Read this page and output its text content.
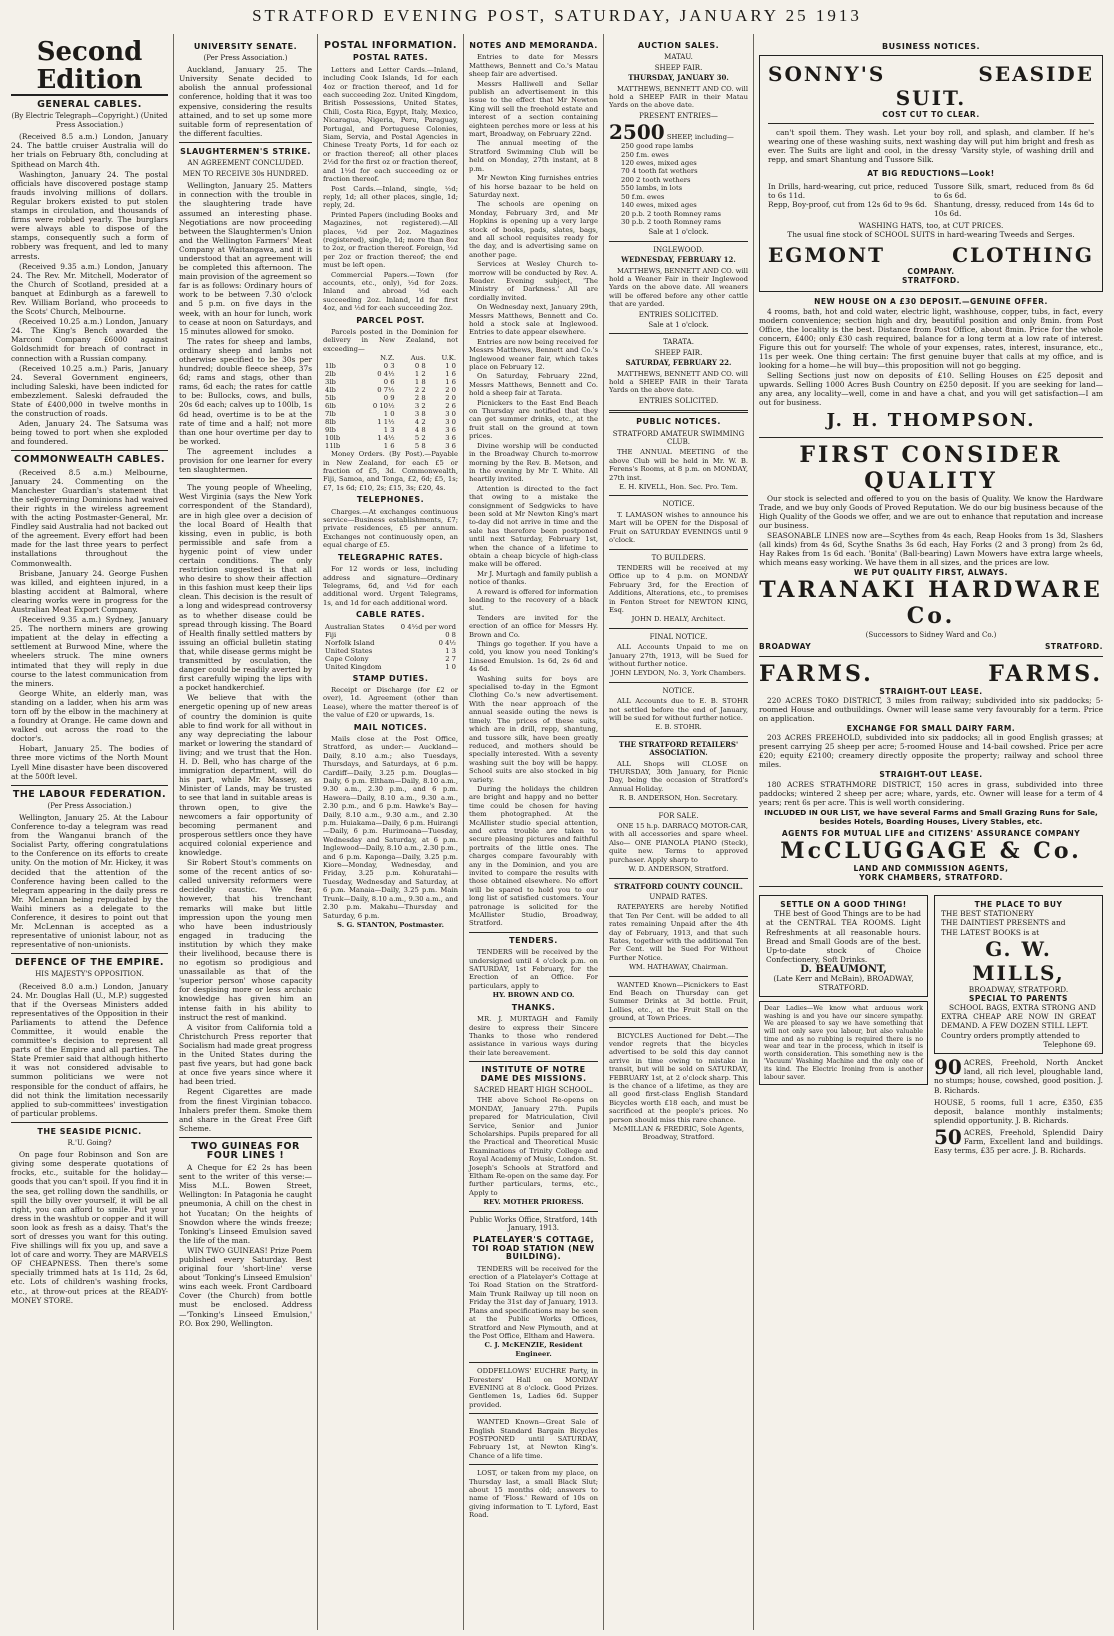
STRATFORD EVENING POST, SATURDAY, JANUARY 25 1913
Second Edition
GENERAL CABLES.
(By Electric Telegraph—Copyright.) (United Press Association.)

(Received 8.5 a.m.) London, January 24. The battle cruiser Australia will do her trials on February 8th, concluding at Spithead on March 4th.

Washington, January 24. The postal officials have discovered postage stamp frauds involving millions of dollars. Regular brokers existed to put stolen stamps in circulation, and thousands of firms were robbed yearly. The burglars were always able to dispose of the stamps, consequently such a form of robbery was frequent, and led to many arrests.

(Received 9.35 a.m.) London, January 24. The Rev. Mr. Mitchell, Moderator of the Church of Scotland, presided at a banquet at Edinburgh as a farewell to Rev. William Borland, who proceeds to the Scots' Church, Melbourne.

(Received 10.25 a.m.) London, January 24. The King's Bench awarded the Marconi Company £6000 against Goldschmidt for breach of contract in connection with a Russian company.

(Received 10.25 a.m.) Paris, January 24. Several Government engineers, including Saleski, have been indicted for embezzlement. Saleski defrauded the State of £400,000 in twelve months in the construction of roads.

Aden, January 24. The Satsuma was being towed to port when she exploded and foundered.

COMMONWEALTH CABLES.

(Received 8.5 a.m.) Melbourne, January 24. Commenting on the Manchester Guardian's statement that the self-governing Dominions had waived their rights in the wireless agreement with the acting Postmaster-General, Mr. Findley said Australia had not backed out of the agreement. Every effort had been made for the last three years to perfect installations throughout the Commonwealth.

Brisbane, January 24. George Fushen was killed, and eighteen injured, in a blasting accident at Balmoral, where clearing works were in progress for the Australian Meat Export Company.

(Received 9.35 a.m.) Sydney, January 25. The northern miners are growing impatient at the delay in effecting a settlement at Burwood Mine, where the wheelers struck. The mine owners intimated that they will reply in due course to the latest communication from the miners.

George White, an elderly man, was standing on a ladder, when his arm was torn off by the elbow in the machinery at a foundry at Orange. He came down and walked out across the road to the doctor's.

Hobart, January 25. The bodies of three more victims of the North Mount Lyell Mine disaster have been discovered at the 500ft level.

THE LABOUR FEDERATION.
(Per Press Association.)

Wellington, January 25. At the Labour Conference to-day a telegram was read from the Wanganui branch of the Socialist Party, offering congratulations to the Conference on its efforts to create unity. On the motion of Mr. Hickey, it was decided that the attention of the Conference having been called to the telegram appearing in the daily press re Mr. McLennan being repudiated by the Waihi miners as a delegate to the Conference, it desires to point out that Mr. McLennan is accepted as a representative of unionist labour, not as representative of non-unionists.

DEFENCE OF THE EMPIRE.
HIS MAJESTY'S OPPOSITION.

(Received 8.0 a.m.) London, January 24. Mr. Douglas Hall (U., M.P.) suggested that if the Overseas Ministers added representatives of the Opposition in their Parliaments to attend the Defence Committee, it would enable the committee's decision to represent all parts of the Empire and all parties. The State Premier said that although hitherto it was not considered advisable to summon politicians we were not responsible for the conduct of affairs, he did not think the limitation necessarily applied to sub-committees' investigation of particular problems.

THE SEASIDE PICNIC.
R.'U. Going?

On page four Robinson and Son are giving some desperate quotations of frocks, etc., suitable for the holiday—goods that you can't spoil. If you find it in the sea, get rolling down the sandhills, or spill the billy over yourself, it will be all right, you can afford to smile. Put your dress in the washtub or copper and it will soon look as fresh as a daisy. That's the sort of dresses you want for this outing. Five shillings will fix you up, and save a lot of care and worry. They are MARVELS OF CHEAPNESS. Then there's some specially trimmed hats at 1s 11d, 2s 6d, etc. Lots of children's washing frocks, etc., at throw-out prices at the READY-MONEY STORE.

UNIVERSITY SENATE.
(Per Press Association.)

Auckland, January 25. The University Senate decided to abolish the annual professional conference, holding that it was too expensive, considering the results attained, and to set up some more suitable form of representation of the different faculties.

SLAUGHTERMEN'S STRIKE.
AN AGREEMENT CONCLUDED.
MEN TO RECEIVE 30s HUNDRED.

Wellington, January 25. Matters in connection with the trouble in the slaughtering trade have assumed an interesting phase. Negotiations are now proceeding between the Slaughtermen's Union and the Wellington Farmers' Meat Company at Waitangawa, and it is understood that an agreement will be completed this afternoon. The main provision of the agreement so far is as follows: Ordinary hours of work to be between 7.30 o'clock and 5 p.m. on five days in the week, with an hour for lunch, work to cease at noon on Saturdays, and 15 minutes allowed for smoko.

The rates for sheep and lambs, ordinary sheep and lambs not otherwise specified to be 30s per hundred; double fleece sheep, 37s 6d; rams and stags, other than rams, 6d each; the rates for cattle to be: Bullocks, cows, and bulls, 20s 6d each; calves up to 100lb, 1s 6d head, overtime is to be at the rate of time and a half; not more than one hour overtime per day to be worked.

The agreement includes a provision for one learner for every ten slaughtermen.

The young people of Wheeling, West Virginia (says the New York correspondent of the Standard), are in high glee over a decision of the local Board of Health that kissing, even in public, is both permissible and safe from a hygenic point of view under certain conditions. The only restriction suggested is that all who desire to show their affection in this fashion must keep their lips clean. This decision is the result of a long and widespread controversy as to whether disease could be spread through kissing. The Board of Health finally settled matters by issuing an official bulletin stating that, while disease germs might be transmitted by osculation, the danger could be readily averted by first carefully wiping the lips with a pocket handkerchief.

We believe that with the energetic opening up of new areas of country the dominion is quite able to find work for all without in any way depreciating the labour market or lowering the standard of living; and we trust that the Hon. H. D. Bell, who has charge of the immigration department, will do his part, while Mr. Massey, as Minister of Lands, may be trusted to see that land in suitable areas is thrown open, to give the newcomers a fair opportunity of becoming permanent and prosperous settlers once they have acquired colonial experience and knowledge.

Sir Robert Stout's comments on some of the recent antics of so-called university reformers were decidedly caustic. We fear, however, that his trenchant remarks will make but little impression upon the young men who have been industriously engaged in traducing the institution by which they make their livelihood, because there is no egotism so prodigious and unassailable as that of the 'superior person' whose capacity for despising more or less archaic knowledge has given him an intense faith in his ability to instruct the rest of mankind.

A visitor from California told a Christchurch Press reporter that Socialism had made great progress in the United States during the past five years, but had gone back at once five years since where it had been tried.

Regent Cigarettes are made from the finest Virginian tobacco. Inhalers prefer them. Smoke them and share in the Great Free Gift Scheme.

TWO GUINEAS FOR FOUR LINES !

A Cheque for £2 2s has been sent to the writer of this verse:— Miss M.L. Bowen Street, Wellington: In Patagonia he caught pneumonia, A chill on the chest in hot Yucatan; On the heights of Snowdon where the winds freeze; Tonking's Linseed Emulsion saved the life of the man.

WIN TWO GUINEAS! Prize Poem published every Saturday. Best original four 'short-line' verse about 'Tonking's Linseed Emulsion' wins each week. Front Cardboard Cover (the Church) from bottle must be enclosed. Address—'Tonking's Linseed Emulsion,' P.O. Box 290, Wellington.

POSTAL INFORMATION.
POSTAL RATES.

Letters and Letter Cards.—Inland, including Cook Islands, 1d for each 4oz or fraction thereof, and 1d for each succeeding 2oz. United Kingdom, British Possessions, United States, Chili, Costa Rica, Egypt, Italy, Mexico, Nicaragua, Nigeria, Peru, Paraguay, Portugal, and Portuguese Colonies, Siam, Servia, and Postal Agencies in Chinese Treaty Ports, 1d for each oz or fraction thereof; all other places 2½d for the first oz or fraction thereof, and 1½d for each succeeding oz or fraction thereof.

Post Cards.—Inland, single, ½d; reply, 1d; all other places, single, 1d; reply, 2d.

Printed Papers (including Books and Magazines, not registered).—All places, ½d per 2oz. Magazines (registered), single, 1d; more than 8oz to 2oz, or fraction thereof. Foreign, ½d per 2oz or fraction thereof; the end must be left open.

Commercial Papers.—Town (for accounts, etc., only), ½d for 2ozs. Inland and abroad ½d each succeeding 2oz. Inland, 1d for first 4oz, and ½d for each succeeding 2oz.

PARCEL POST.

Parcels posted in the Dominion for delivery in New Zealand, not exceeding—

	N.Z.	Aus.	U.K.
1lb	0 3	0 8	1 0
2lb	0 4½	1 2	1 6
3lb	0 6	1 8	1 6
4lb	0 7½	2 2	2 0
5lb	0 9	2 8	2 0
6lb	0 10½	3 2	2 6
7lb	1 0	3 8	3 0
8lb	1 1½	4 2	3 0
9lb	1 3	4 8	3 6
10lb	1 4½	5 2	3 6
11lb	1 6	5 8	3 6

Money Orders. (By Post).—Payable in New Zealand, for each £5 or fraction of £5, 3d. Commonwealth, Fiji, Samoa, and Tonga, £2, 6d; £5, 1s; £7, 1s 6d; £10, 2s; £15, 3s; £20, 4s.

TELEPHONES.

Charges.—At exchanges continuous service—Business establishments, £7; private residences, £5 per annum. Exchanges not continuously open, an equal charge of £5.

TELEGRAPHIC RATES.

For 12 words or less, including address and signature—Ordinary Telegrams, 6d, and ½d for each additional word. Urgent Telegrams, 1s, and 1d for each additional word.

CABLE RATES.
Australian States	0 4½d per word
Fiji	0 8
Norfolk Island	0 4½
United States	1 3
Cape Colony	2 7
United Kingdom	1 0
STAMP DUTIES.

Receipt or Discharge (for £2 or over), 1d. Agreement (other than Lease), where the matter thereof is of the value of £20 or upwards, 1s.

MAIL NOTICES.

Mails close at the Post Office, Stratford, as under:— Auckland—Daily, 8.10 a.m.; also Tuesdays, Thursdays, and Saturdays, at 6 p.m. Cardiff—Daily, 3.25 p.m. Douglas—Daily, 6 p.m. Eltham—Daily, 8.10 a.m., 9.30 a.m., 2.30 p.m., and 6 p.m. Hawera—Daily, 8.10 a.m., 9.30 a.m., 2.30 p.m., and 6 p.m. Hawke's Bay—Daily, 8.10 a.m., 9.30 a.m., and 2.30 p.m. Huiakama—Daily, 6 p.m. Huirangi—Daily, 6 p.m. Hurimoana—Tuesday, Wednesday and Saturday, at 6 p.m. Inglewood—Daily, 8.10 a.m., 2.30 p.m., and 6 p.m. Kaponga—Daily, 3.25 p.m. Kiore—Monday, Wednesday, and Friday, 3.25 p.m. Kohuratahi—Tuesday, Wednesday and Saturday, at 6 p.m. Manaia—Daily, 3.25 p.m. Main Trunk—Daily, 8.10 a.m., 9.30 a.m., and 2.30 p.m. Makahu—Thursday and Saturday, 6 p.m.

S. G. STANTON, Postmaster.
NOTES AND MEMORANDA.

Entries to date for Messrs Matthews, Bennett and Co.'s Matau sheep fair are advertised.

Messrs Halliwell and Sellar publish an advertisement in this issue to the effect that Mr Newton King will sell the freehold estate and interest of a section containing eighteen perches more or less at his mart, Broadway, on February 22nd.

The annual meeting of the Stratford Swimming Club will be held on Monday, 27th instant, at 8 p.m.

Mr Newton King furnishes entries of his horse bazaar to be held on Saturday next.

The schools are opening on Monday, February 3rd, and Mr Hopkins is opening up a very large stock of books, pads, slates, bags, and all school requisites ready for the day, and is advertising same on another page.

Services at Wesley Church to-morrow will be conducted by Rev. A. Reader. Evening subject, 'The Ministry of Darkness.' All are cordially invited.

On Wednesday next, January 29th, Messrs Matthews, Bennett and Co. hold a stock sale at Inglewood. Entries to date appear elsewhere.

Entries are now being received for Messrs Matthews, Bennett and Co.'s Inglewood weaner fair, which takes place on February 12.

On Saturday, February 22nd, Messrs Matthews, Bennett and Co. hold a sheep fair at Tarata.

Picnickers to the East End Beach on Thursday are notified that they can get summer drinks, etc., at the fruit stall on the ground at town prices.

Divine worship will be conducted in the Broadway Church to-morrow morning by the Rev. B. Metson, and in the evening by Mr T. White. All heartily invited.

Attention is directed to the fact that owing to a mistake the consignment of Sedgwicks to have been sold at Mr Newton King's mart to-day did not arrive in time and the sale has therefore been postponed until next Saturday, February 1st, when the chance of a lifetime to obtain a cheap bicycle of high-class make will be offered.

Mr J. Murtagh and family publish a notice of thanks.

A reward is offered for information leading to the recovery of a black slut.

Tenders are invited for the erection of an office for Messrs Hy. Brown and Co.

Things go together. If you have a cold, you know you need Tonking's Linseed Emulsion. 1s 6d, 2s 6d and 4s 6d.

Washing suits for boys are specialised to-day in the Egmont Clothing Co.'s new advertisement. With the near approach of the annual seaside outing the news is timely. The prices of these suits, which are in drill, repp, shantung, and tussore silk, have been greatly reduced, and mothers should be specially interested. With a seventy washing suit the boy will be happy. School suits are also stocked in big variety.

During the holidays the children are bright and happy and no better time could be chosen for having them photographed. At the McAllister studio special attention, and extra trouble are taken to secure pleasing pictures and faithful portraits of the little ones. The charges compare favourably with any in the Dominion, and you are invited to compare the results with those obtained elsewhere. No effort will be spared to hold you to our long list of satisfied customers. Your patronage is solicited for the McAllister Studio, Broadway, Stratford.

TENDERS.

TENDERS will be received by the undersigned until 4 o'clock p.m. on SATURDAY, 1st February, for the Erection of an Office. For particulars, apply to

HY. BROWN AND CO.
THANKS.

MR. J. MURTAGH and Family desire to express their Sincere Thanks to those who rendered assistance in various ways during their late bereavement.

INSTITUTE OF NOTRE DAME DES MISSIONS.
SACRED HEART HIGH SCHOOL.

THE above School Re-opens on MONDAY, January 27th. Pupils prepared for Matriculation, Civil Service, Senior and Junior Scholarships. Pupils prepared for all the Practical and Theoretical Music Examinations of Trinity College and Royal Academy of Music, London. St. Joseph's Schools at Stratford and Eltham Re-open on the same day. For further particulars, terms, etc., Apply to

REV. MOTHER PRIORESS.
Public Works Office, Stratford, 14th January, 1913.
PLATELAYER'S COTTAGE, TOI ROAD STATION (NEW BUILDING).

TENDERS will be received for the erection of a Platelayer's Cottage at Toi Road Station on the Stratford-Main Trunk Railway up till noon on Friday the 31st day of January, 1913. Plans and specifications may be seen at the Public Works Offices, Stratford and New Plymouth, and at the Post Office, Eltham and Hawera.

C. J. McKENZIE, Resident Engineer.

ODDFELLOWS' EUCHRE Party, in Foresters' Hall on MONDAY EVENING at 8 o'clock. Good Prizes. Gentlemen 1s, Ladies 6d. Supper provided.

WANTED Known—Great Sale of English Standard Bargain Bicycles POSTPONED until SATURDAY, February 1st, at Newton King's. Chance of a life time.

LOST, or taken from my place, on Thursday last, a small Black Slut; about 15 months old; answers to name of 'Floss.' Reward of 10s on giving information to T. Lyford, East Road.

AUCTION SALES.
MATAU.
SHEEP FAIR.
THURSDAY, JANUARY 30.

MATTHEWS, BENNETT AND CO. will hold a SHEEP FAIR in their Matau Yards on the above date.

PRESENT ENTRIES—
2500 SHEEP, including—
250 good rape lambs
250 f.m. ewes
120 ewes, mixed ages
70 4 tooth fat wethers
200 2 tooth wethers
550 lambs, in lots
50 f.m. ewes
140 ewes, mixed ages
20 p.b. 2 tooth Romney rams
30 p.b. 2 tooth Romney rams
Sale at 1 o'clock.
INGLEWOOD.
WEDNESDAY, FEBRUARY 12.

MATTHEWS, BENNETT AND CO. will hold a Weaner Fair in their Inglewood Yards on the above date. All weaners will be offered before any other cattle that are yarded.

ENTRIES SOLICITED.
Sale at 1 o'clock.
TARATA.
SHEEP FAIR.
SATURDAY, FEBRUARY 22.

MATTHEWS, BENNETT AND CO. will hold a SHEEP FAIR in their Tarata Yards on the above date.

ENTRIES SOLICITED.
PUBLIC NOTICES.
STRATFORD AMATEUR SWIMMING CLUB.

THE ANNUAL MEETING of the above Club will be held in Mr. W. B. Ferens's Rooms, at 8 p.m. on MONDAY, 27th inst.

E. H. KIVELL, Hon. Sec. Pro. Tem.
NOTICE.

T. LAMASON wishes to announce his Mart will be OPEN for the Disposal of Fruit on SATURDAY EVENINGS until 9 o'clock.

TO BUILDERS.

TENDERS will be received at my Office up to 4 p.m. on MONDAY February 3rd, for the Erection of Additions, Alterations, etc., to premises in Fenton Street for NEWTON KING, Esq.

JOHN D. HEALY, Architect.
FINAL NOTICE.

ALL Accounts Unpaid to me on January 27th, 1913, will be Sued for without further notice.

JOHN LEYDON, No. 3, York Chambers.
NOTICE.

ALL Accounts due to E. B. STOHR not settled before the end of January, will be sued for without further notice.

E. B. STOHR.
THE STRATFORD RETAILERS' ASSOCIATION.

ALL Shops will CLOSE on THURSDAY, 30th January, for Picnic Day, being the occasion of Stratford's Annual Holiday.

R. B. ANDERSON, Hon. Secretary.
FOR SALE.

ONE 15 h.p. DARRACQ MOTOR-CAR, with all accessories and spare wheel. Also— ONE PIANOLA PIANO (Steck), quite new. Terms to approved purchaser. Apply sharp to

W. D. ANDERSON, Stratford.
STRATFORD COUNTY COUNCIL.
UNPAID RATES.

RATEPAYERS are hereby Notified that Ten Per Cent. will be added to all rates remaining Unpaid after the 4th day of February, 1913, and that such Rates, together with the additional Ten Per Cent. will be Sued For Without Further Notice.

WM. HATHAWAY, Chairman.

WANTED Known—Picnickers to East End Beach on Thursday can get Summer Drinks at 3d bottle. Fruit, Lollies, etc., at the Fruit Stall on the ground, at Town Prices.

BICYCLES Auctioned for Debt.—The vendor regrets that the bicycles advertised to be sold this day cannot arrive in time owing to mistake in transit, but will be sold on SATURDAY, FEBRUARY 1st, at 2 o'clock sharp. This is the chance of a lifetime, as they are all good first-class English Standard Bicycles worth £18 each, and must be sacrificed at the people's prices. No person should miss this rare chance.

McMILLAN & FREDRIC, Sole Agents, Broadway, Stratford.
BUSINESS NOTICES.
SONNY'S	SEASIDE
SUIT.
COST CUT TO CLEAR.

can't spoil them. They wash. Let your boy roll, and splash, and clamber. If he's wearing one of these washing suits, next washing day will put him bright and fresh as ever. The Suits are light and cool, in the dressy 'Varsity style, of washing drill and repp, and smart Shantung and Tussore Silk.

AT BIG REDUCTIONS—Look!
In Drills, hard-wearing, cut price, reduced to 6s 11d.
Repp, Boy-proof, cut from 12s 6d to 9s 6d.
Tussore Silk, smart, reduced from 8s 6d to 6s 6d.
Shantung, dressy, reduced from 14s 6d to 10s 6d.
WASHING HATS, too, at CUT PRICES.
The usual fine stock of SCHOOL SUITS in hard-wearing Tweeds and Serges.
EGMONT	CLOTHING
COMPANY.
STRATFORD.
NEW HOUSE ON A £30 DEPOSIT.—GENUINE OFFER.

4 rooms, bath, hot and cold water, electric light, washhouse, copper, tubs, in fact, every modern convenience; section high and dry, beautiful position and only 8min. from Post Office, the locality is the best. Distance from Post Office, about 8min. Price for the whole concern, £400; only £30 cash required, balance for a long term at a low rate of interest. Figure this out for yourself: The whole of your expenses, rates, interest, insurance, etc., 11s per week. One thing certain: The first genuine buyer that calls at my office, and is looking for a home—he will buy—this proposition will not go begging.

Selling Sections just now on deposits of £10. Selling Houses on £25 deposit and upwards. Selling 1000 Acres Bush Country on £250 deposit. If you are seeking for land—any area, any locality—well, come in and have a chat, and you will get satisfaction—I am out for business.

J. H. THOMPSON.
FIRST CONSIDER QUALITY

Our stock is selected and offered to you on the basis of Quality. We know the Hardware Trade, and we buy only Goods of Proved Reputation. We do our big business because of the High Quality of the Goods we offer, and we are out to enhance that reputation and increase our business.

SEASONABLE LINES now are—Scythes from 4s each, Reap Hooks from 1s 3d, Slashers (all kinds) from 4s 6d, Scythe Snaths 3s 6d each, Hay Forks (2 and 3 prong) from 2s 6d, Hay Rakes from 1s 6d each. 'Bonita' (Ball-bearing) Lawn Mowers have extra large wheels, which means easy working. We have them in all sizes, and the prices are low.

WE PUT QUALITY FIRST, ALWAYS.
TARANAKI HARDWARE Co.
(Successors to Sidney Ward and Co.)
BROADWAY	STRATFORD.
FARMS.	FARMS.
STRAIGHT-OUT LEASE.

220 ACRES TOKO DISTRICT, 3 miles from railway; subdivided into six paddocks; 5-roomed House and outbuildings. Owner will lease same very favourably for a term. Price on application.

EXCHANGE FOR SMALL DAIRY FARM.

203 ACRES FREEHOLD, subdivided into six paddocks; all in good English grasses; at present carrying 25 sheep per acre; 5-roomed House and 14-bail cowshed. Price per acre £20; equity £2100; creamery directly opposite the property; railway and school three miles.

STRAIGHT-OUT LEASE.

180 ACRES STRATHMORE DISTRICT, 150 acres in grass, subdivided into three paddocks; wintered 2 sheep per acre; whare, yards, etc. Owner will lease for a term of 4 years; rent 6s per acre. This is well worth considering.

INCLUDED IN OUR LIST, we have several Farms and Small Grazing Runs for Sale, besides Hotels, Boarding Houses, Livery Stables, etc.
AGENTS FOR MUTUAL LIFE and CITIZENS' ASSURANCE COMPANY
McCLUGGAGE & Co.
LAND AND COMMISSION AGENTS,
YORK CHAMBERS, STRATFORD.
SETTLE ON A GOOD THING!

THE best of Good Things are to be had at the CENTRAL TEA ROOMS. Light Refreshments at all reasonable hours. Bread and Small Goods are of the best. Up-to-date stock of Choice Confectionery, Soft Drinks.

D. BEAUMONT,
(Late Kerr and McBain), BROADWAY, STRATFORD.
Dear Ladies—We know what arduous work washing is and you have our sincere sympathy. We are pleased to say we have something that will not only save you labour, but also valuable time and as no rubbing is required there is no wear and tear in the process, which in itself is worth consideration. This something new is the 'Vacuum' Washing Machine and the only one of its kind. The Electric Ironing from is another labour saver.
THE PLACE TO BUY
THE BEST STATIONERY
THE DAINTIEST PRESENTS and
THE LATEST BOOKS is at
G. W. MILLS,
BROADWAY, STRATFORD.
SPECIAL TO PARENTS

SCHOOL BAGS, EXTRA STRONG AND EXTRA CHEAP ARE NOW IN GREAT DEMAND. A FEW DOZEN STILL LEFT.

Country orders promptly attended to
Telephone 69.
90 ACRES, Freehold, North Ancket land, all rich level, ploughable land, no stumps; house, cowshed, good position. J. B. Richards.
HOUSE, 5 rooms, full 1 acre, £350, £35 deposit, balance monthly instalments; splendid opportunity. J. B. Richards.
50 ACRES, Freehold, Splendid Dairy Farm, Excellent land and buildings. Easy terms, £35 per acre. J. B. Richards.
